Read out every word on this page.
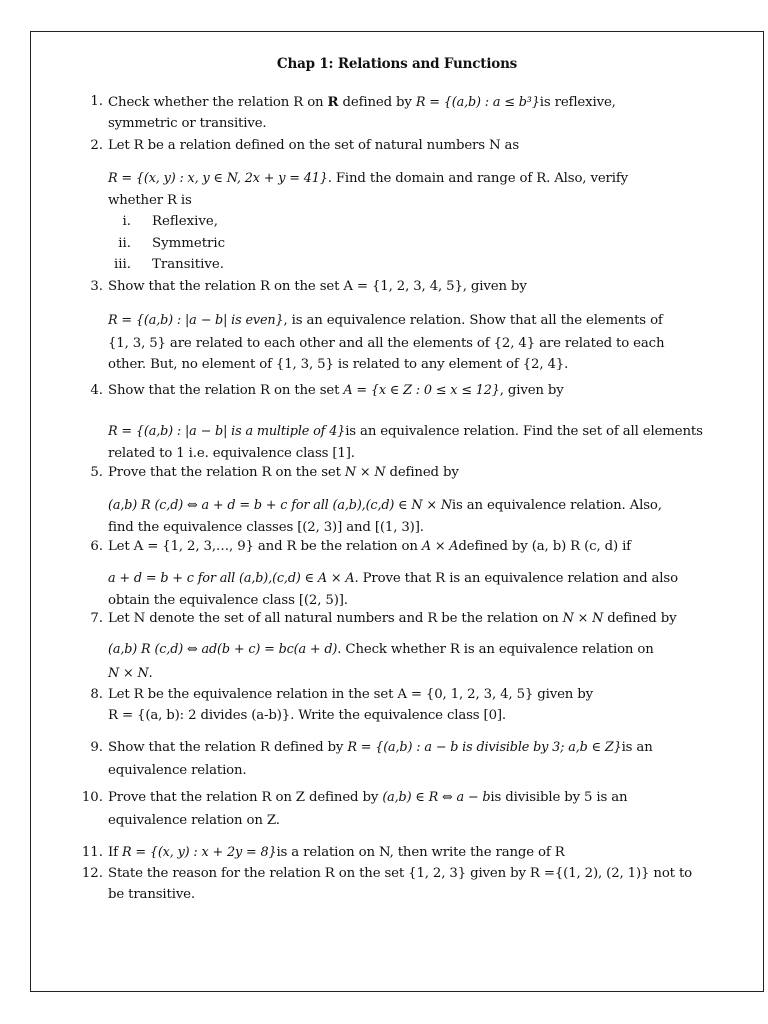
Chap 1: Relations and Functions
1. Check whether the relation R on R defined by R = {(a,b) : a ≤ b³}is reflexive,
symmetric or transitive.
2. Let R be a relation defined on the set of natural numbers N as
R = {(x, y) : x, y ∈ N, 2x + y = 41}. Find the domain and range of R. Also, verify
whether R is
i. Reflexive,
ii. Symmetric
iii. Transitive.
3. Show that the relation R on the set A = {1, 2, 3, 4, 5}, given by
R = {(a,b) : |a − b| is even}, is an equivalence relation. Show that all the elements of
{1, 3, 5} are related to each other and all the elements of {2, 4} are related to each
other. But, no element of {1, 3, 5} is related to any element of {2, 4}.
4. Show that the relation R on the set A = {x ∈ Z : 0 ≤ x ≤ 12}, given by
R = {(a,b) : |a − b| is a multiple of 4}is an equivalence relation. Find the set of all elements
related to 1 i.e. equivalence class [1].
5. Prove that the relation R on the set N × N defined by
(a,b) R (c,d) ⇔ a + d = b + c for all (a,b),(c,d) ∈ N × Nis an equivalence relation. Also,
find the equivalence classes [(2, 3)] and [(1, 3)].
6. Let A = {1, 2, 3,…, 9} and R be the relation on A × Adefined by (a, b) R (c, d) if
a + d = b + c for all (a,b),(c,d) ∈ A × A. Prove that R is an equivalence relation and also
obtain the equivalence class [(2, 5)].
7. Let N denote the set of all natural numbers and R be the relation on N × N defined by
(a,b) R (c,d) ⇔ ad(b + c) = bc(a + d). Check whether R is an equivalence relation on
N × N.
8. Let R be the equivalence relation in the set A = {0, 1, 2, 3, 4, 5} given by
R = {(a, b): 2 divides (a-b)}. Write the equivalence class [0].
9. Show that the relation R defined by R = {(a,b) : a − b is divisible by 3; a,b ∈ Z}is an
equivalence relation.
10. Prove that the relation R on Z defined by (a,b) ∈ R ⇔ a − bis divisible by 5 is an
equivalence relation on Z.
11. If R = {(x, y) : x + 2y = 8}is a relation on N, then write the range of R
12. State the reason for the relation R on the set {1, 2, 3} given by R ={(1, 2), (2, 1)} not to
be transitive.
